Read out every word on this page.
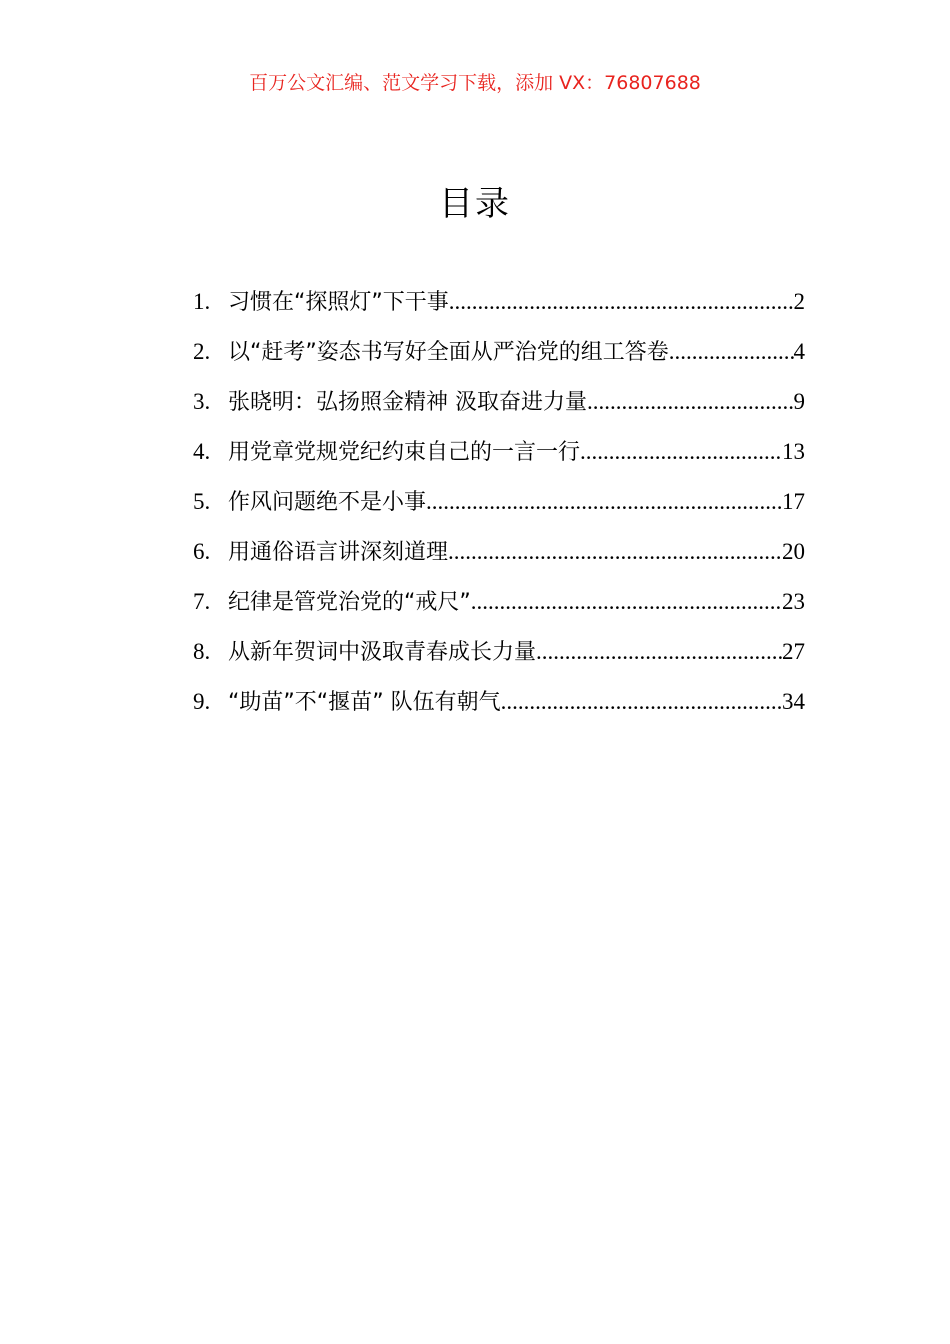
百万公文汇编、范文学习下载，添加 VX：76807688
目录
1. 习惯在“探照灯”下干事 .....	2
2. 以“赶考”姿态书写好全面从严治党的组工答卷 .....	4
3. 张晓明：弘扬照金精神 汲取奋进力量 .....	9
4. 用党章党规党纪约束自己的一言一行 .....	13
5. 作风问题绝不是小事 .....	17
6. 用通俗语言讲深刻道理 .....	20
7. 纪律是管党治党的“戒尺” .....	23
8. 从新年贺词中汲取青春成长力量 .....	27
9. “助苗”不“揠苗” 队伍有朝气 .....	34
